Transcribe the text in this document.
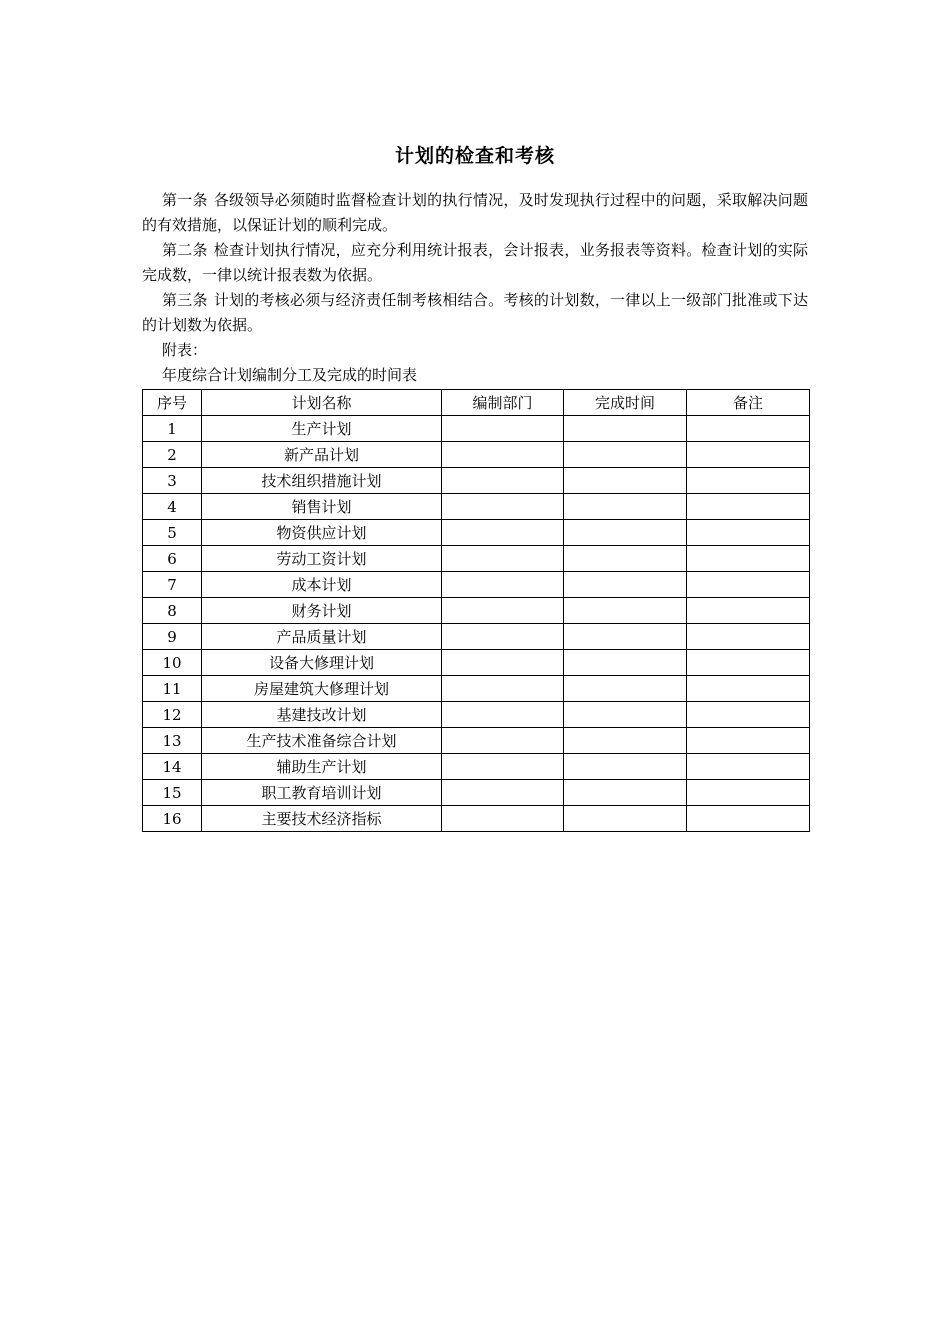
计划的检查和考核

第一条 各级领导必须随时监督检查计划的执行情况，及时发现执行过程中的问题，采取解决问题的有效措施，以保证计划的顺利完成。

第二条 检查计划执行情况，应充分利用统计报表，会计报表，业务报表等资料。检查计划的实际完成数，一律以统计报表数为依据。

第三条 计划的考核必须与经济责任制考核相结合。考核的计划数，一律以上一级部门批准或下达的计划数为依据。

附表：

年度综合计划编制分工及完成的时间表

序号	计划名称	编制部门	完成时间	备注
1	生产计划			
2	新产品计划			
3	技术组织措施计划			
4	销售计划			
5	物资供应计划			
6	劳动工资计划			
7	成本计划			
8	财务计划			
9	产品质量计划			
10	设备大修理计划			
11	房屋建筑大修理计划			
12	基建技改计划			
13	生产技术准备综合计划			
14	辅助生产计划			
15	职工教育培训计划			
16	主要技术经济指标			
